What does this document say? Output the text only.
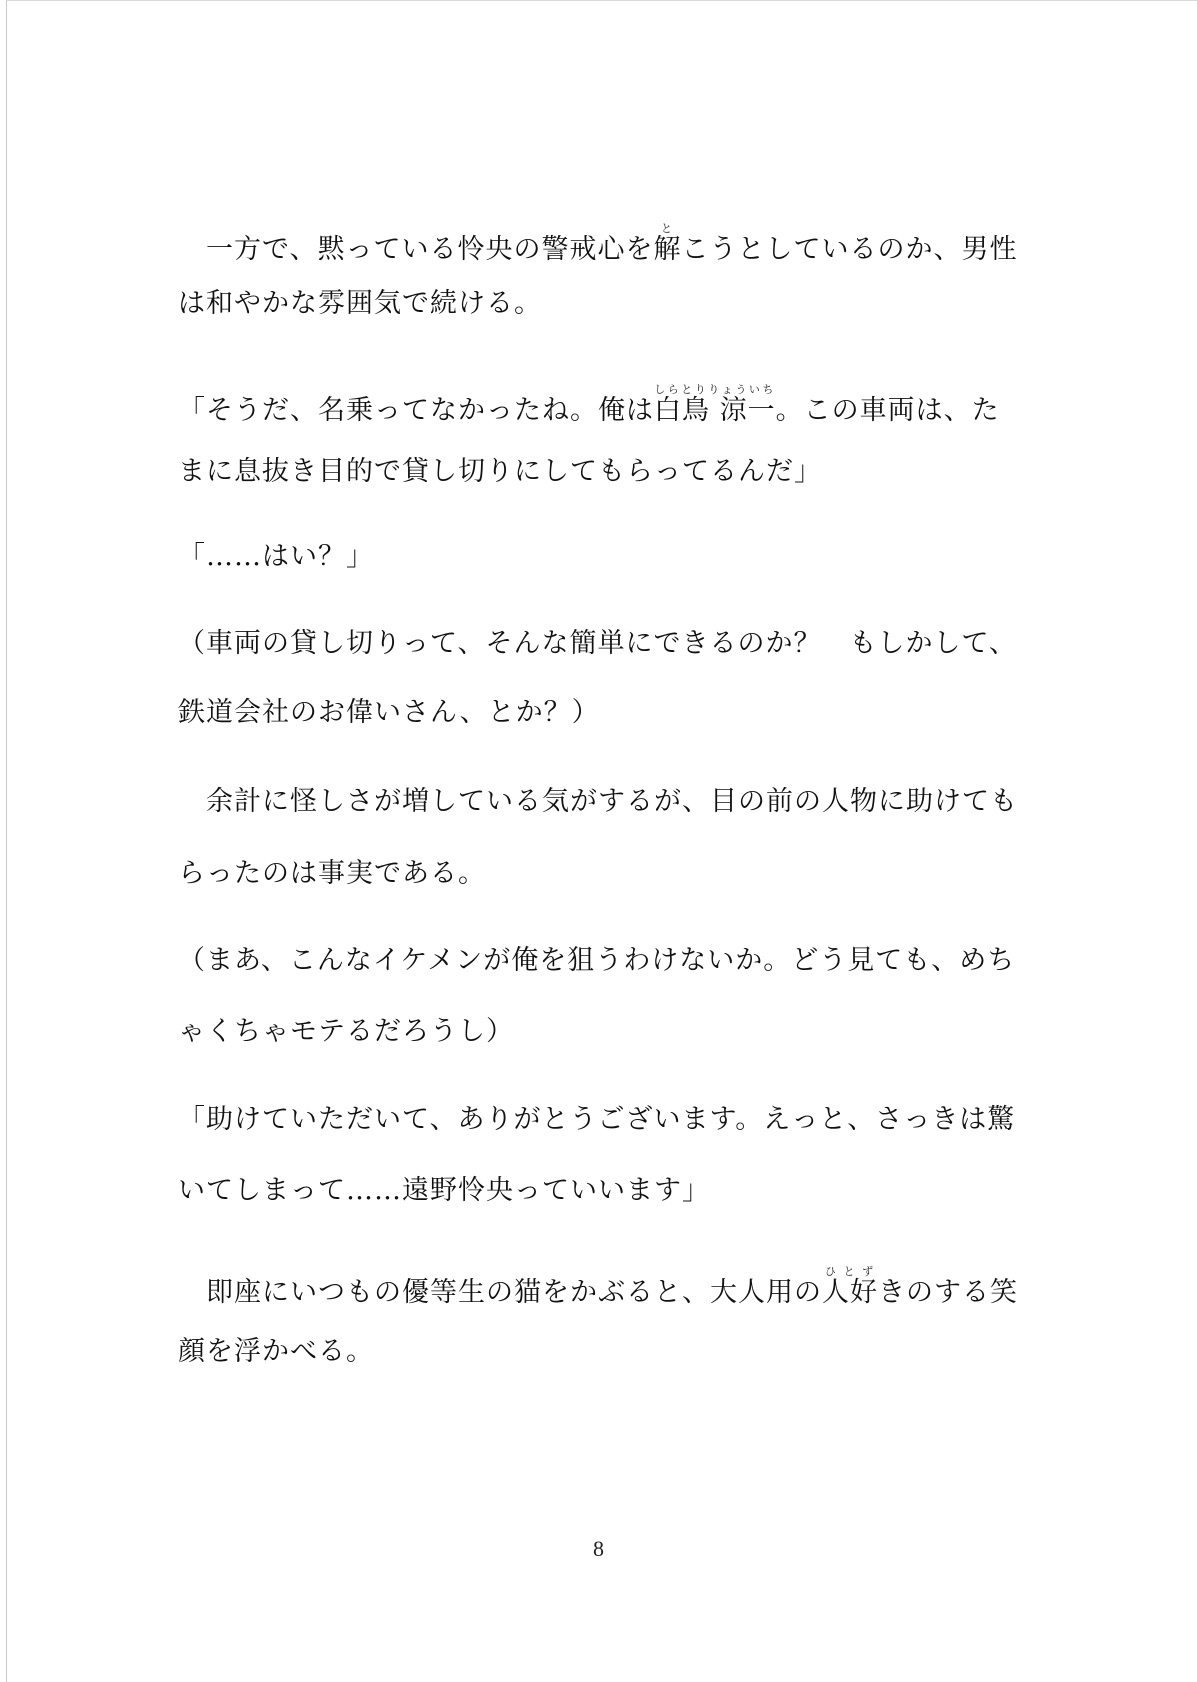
　一方で、黙っている怜央の警戒心を解とこうとしているのか、男性

は和やかな雰囲気で続ける。

「そうだ、名乗ってなかったね。俺は白鳥 涼一しらとりりょういち。この車両は、た

まに息抜き目的で貸し切りにしてもらってるんだ」

「……はい？」

（車両の貸し切りって、そんな簡単にできるのか？　もしかして、

鉄道会社のお偉いさん、とか？）

　余計に怪しさが増している気がするが、目の前の人物に助けても

らったのは事実である。

（まあ、こんなイケメンが俺を狙うわけないか。どう見ても、めち

ゃくちゃモテるだろうし）

「助けていただいて、ありがとうございます。えっと、さっきは驚

いてしまって……遠野怜央っていいます」

　即座にいつもの優等生の猫をかぶると、大人用の人好ひとずきのする笑

顔を浮かべる。

8
